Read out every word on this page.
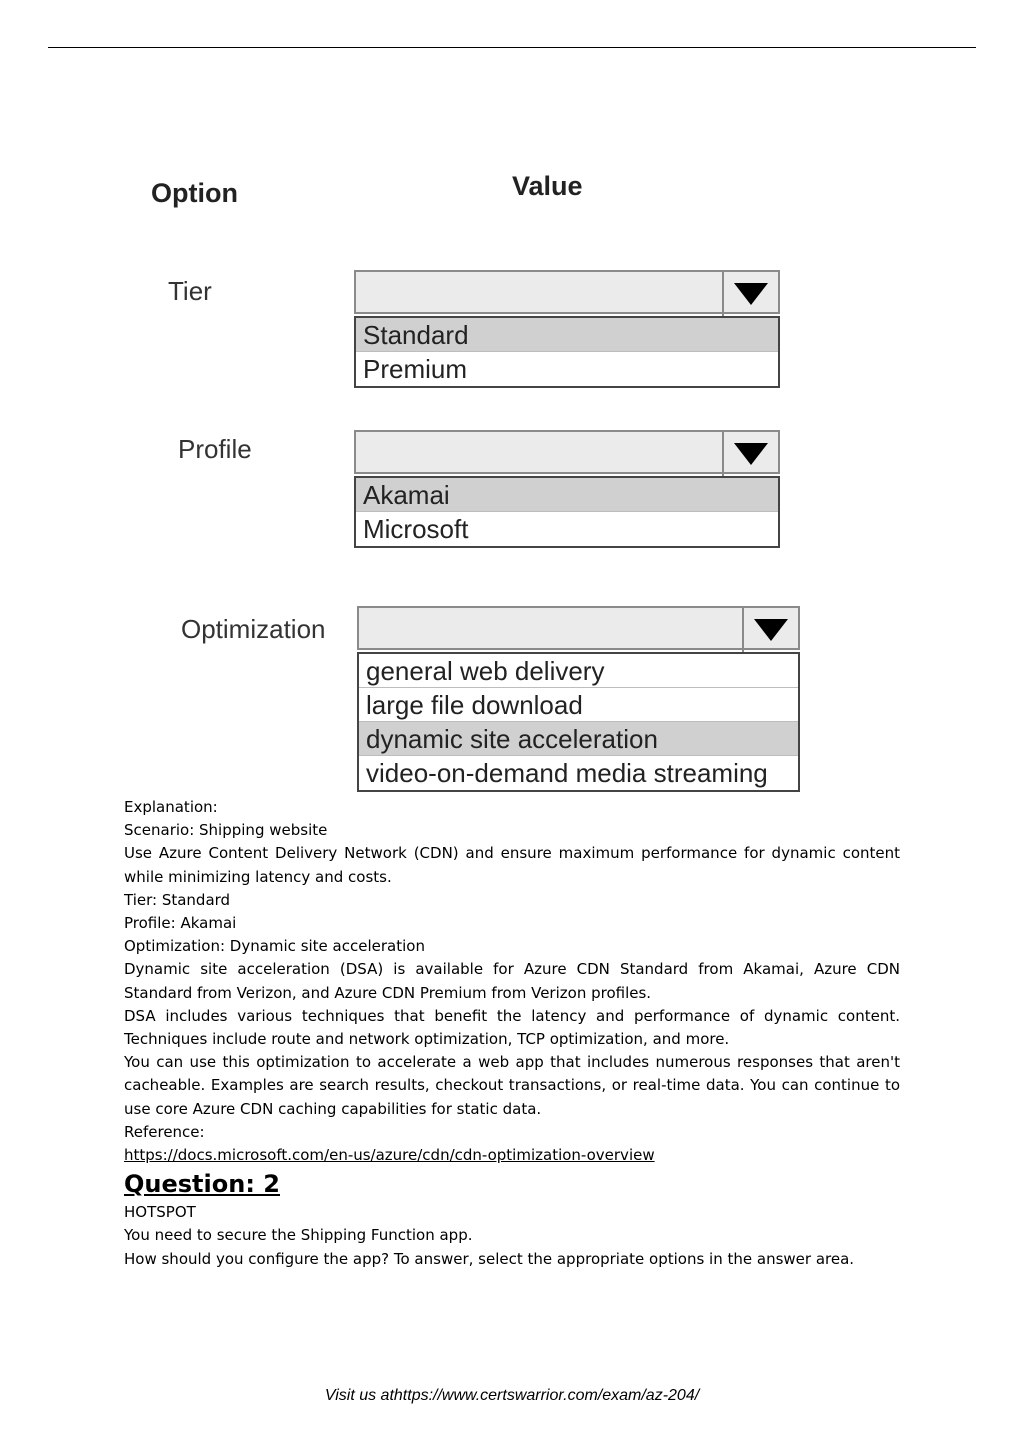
Option	Value
Tier
Standard
Premium
Profile
Akamai
Microsoft
Optimization
general web delivery
large file download
dynamic site acceleration
video-on-demand media streaming

Explanation:

Scenario: Shipping website

Use Azure Content Delivery Network (CDN) and ensure maximum performance for dynamic content while minimizing latency and costs.

Tier: Standard

Profile: Akamai

Optimization: Dynamic site acceleration

Dynamic site acceleration (DSA) is available for Azure CDN Standard from Akamai, Azure CDN Standard from Verizon, and Azure CDN Premium from Verizon profiles.

DSA includes various techniques that benefit the latency and performance of dynamic content. Techniques include route and network optimization, TCP optimization, and more.

You can use this optimization to accelerate a web app that includes numerous responses that aren't cacheable. Examples are search results, checkout transactions, or real-time data. You can continue to use core Azure CDN caching capabilities for static data.

Reference:

https://docs.microsoft.com/en-us/azure/cdn/cdn-optimization-overview

Question: 2

HOTSPOT

You need to secure the Shipping Function app.

How should you configure the app? To answer, select the appropriate options in the answer area.

Visit us athttps://www.certswarrior.com/exam/az-204/
